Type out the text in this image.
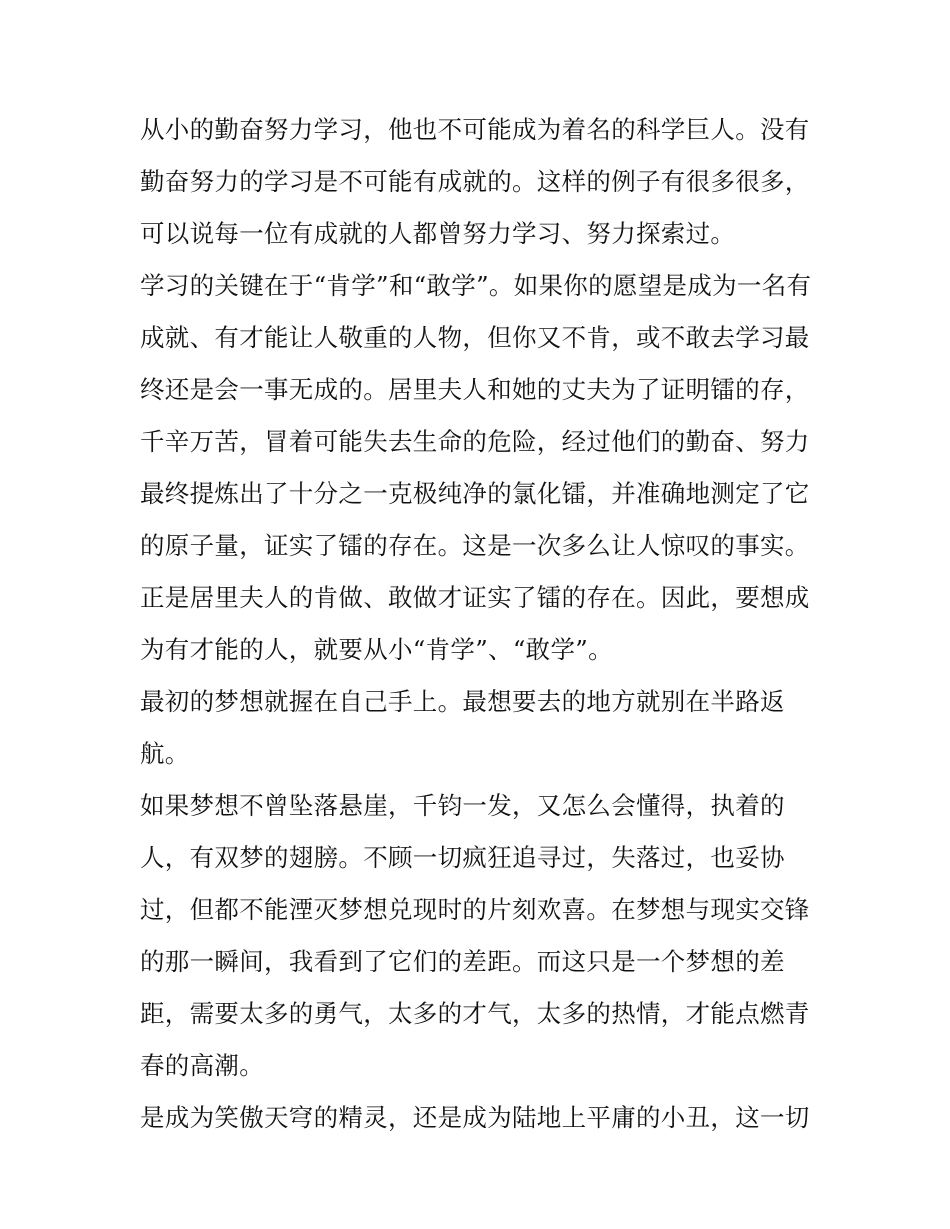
从小的勤奋努力学习，他也不可能成为着名的科学巨人。没有
勤奋努力的学习是不可能有成就的。这样的例子有很多很多，
可以说每一位有成就的人都曾努力学习、努力探索过。
学习的关键在于“肯学”和“敢学”。如果你的愿望是成为一名有
成就、有才能让人敬重的人物，但你又不肯，或不敢去学习最
终还是会一事无成的。居里夫人和她的丈夫为了证明镭的存，
千辛万苦，冒着可能失去生命的危险，经过他们的勤奋、努力
最终提炼出了十分之一克极纯净的氯化镭，并准确地测定了它
的原子量，证实了镭的存在。这是一次多么让人惊叹的事实。
正是居里夫人的肯做、敢做才证实了镭的存在。因此，要想成
为有才能的人，就要从小“肯学”、“敢学”。
最初的梦想就握在自己手上。最想要去的地方就别在半路返
航。
如果梦想不曾坠落悬崖，千钧一发，又怎么会懂得，执着的
人，有双梦的翅膀。不顾一切疯狂追寻过，失落过，也妥协
过，但都不能湮灭梦想兑现时的片刻欢喜。在梦想与现实交锋
的那一瞬间，我看到了它们的差距。而这只是一个梦想的差
距，需要太多的勇气，太多的才气，太多的热情，才能点燃青
春的高潮。
是成为笑傲天穹的精灵，还是成为陆地上平庸的小丑，这一切
